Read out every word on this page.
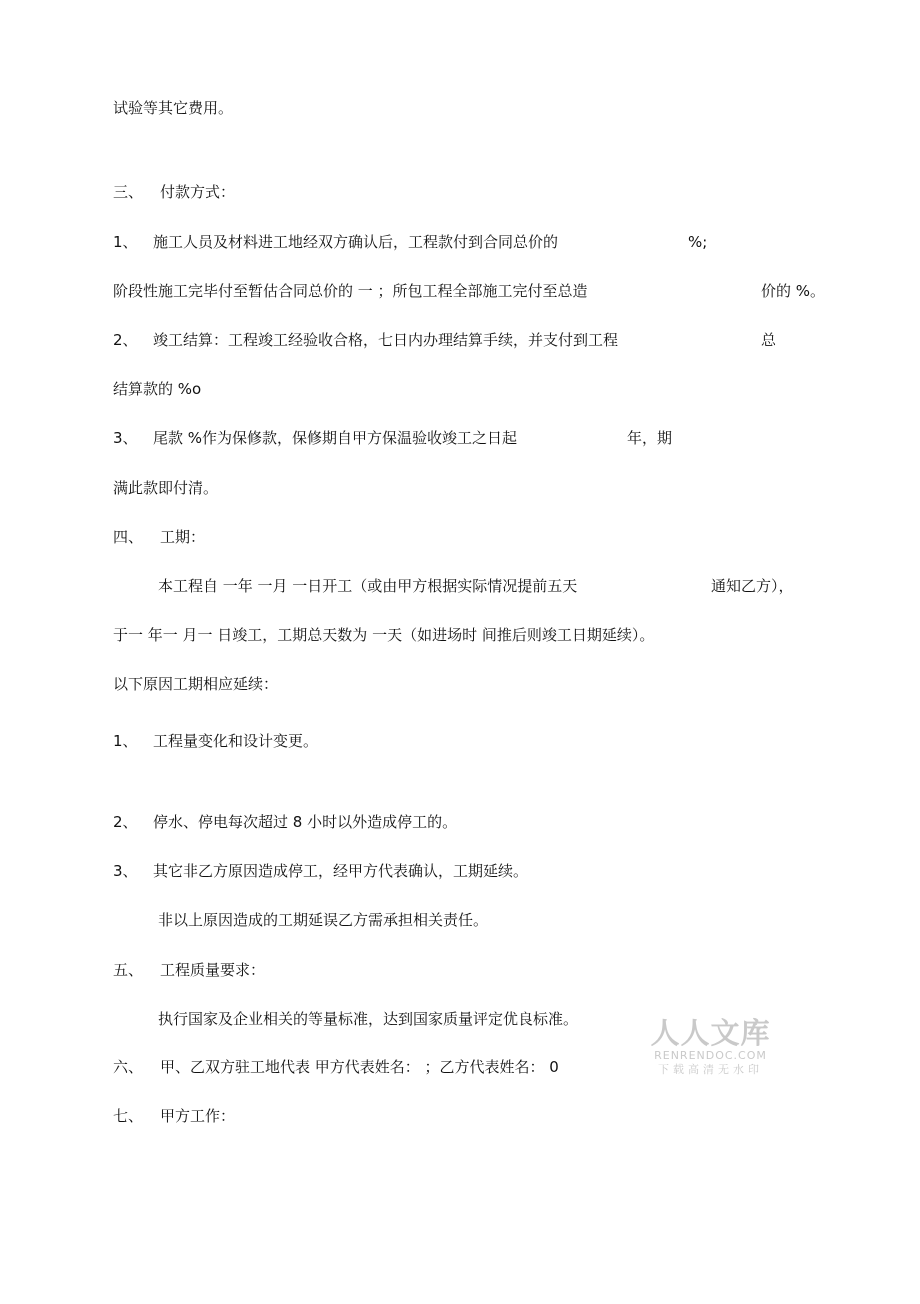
试验等其它费用。
三、 付款方式：
1、 施工人员及材料进工地经双方确认后，工程款付到合同总价的	%;
阶段性施工完毕付至暂估合同总价的 一 ；所包工程全部施工完付至总造	价的 %。
2、 竣工结算：工程竣工经验收合格，七日内办理结算手续，并支付到工程	总
结算款的 %o
3、 尾款 %作为保修款，保修期自甲方保温验收竣工之日起	年，期
满此款即付清。
四、 工期：
本工程自 一年 一月 一日开工（或由甲方根据实际情况提前五天	通知乙方），
于一 年一 月一 日竣工，工期总天数为 一天（如进场时 间推后则竣工日期延续）。
以下原因工期相应延续：
1、 工程量变化和设计变更。
2、 停水、停电每次超过 8 小时以外造成停工的。
3、 其它非乙方原因造成停工，经甲方代表确认，工期延续。
非以上原因造成的工期延误乙方需承担相关责任。
五、 工程质量要求：
执行国家及企业相关的等量标准，达到国家质量评定优良标准。
六、 甲、乙双方驻工地代表 甲方代表姓名： ；乙方代表姓名： 0
七、 甲方工作：
人人文库
RENRENDOC.COM
下载高清无水印
